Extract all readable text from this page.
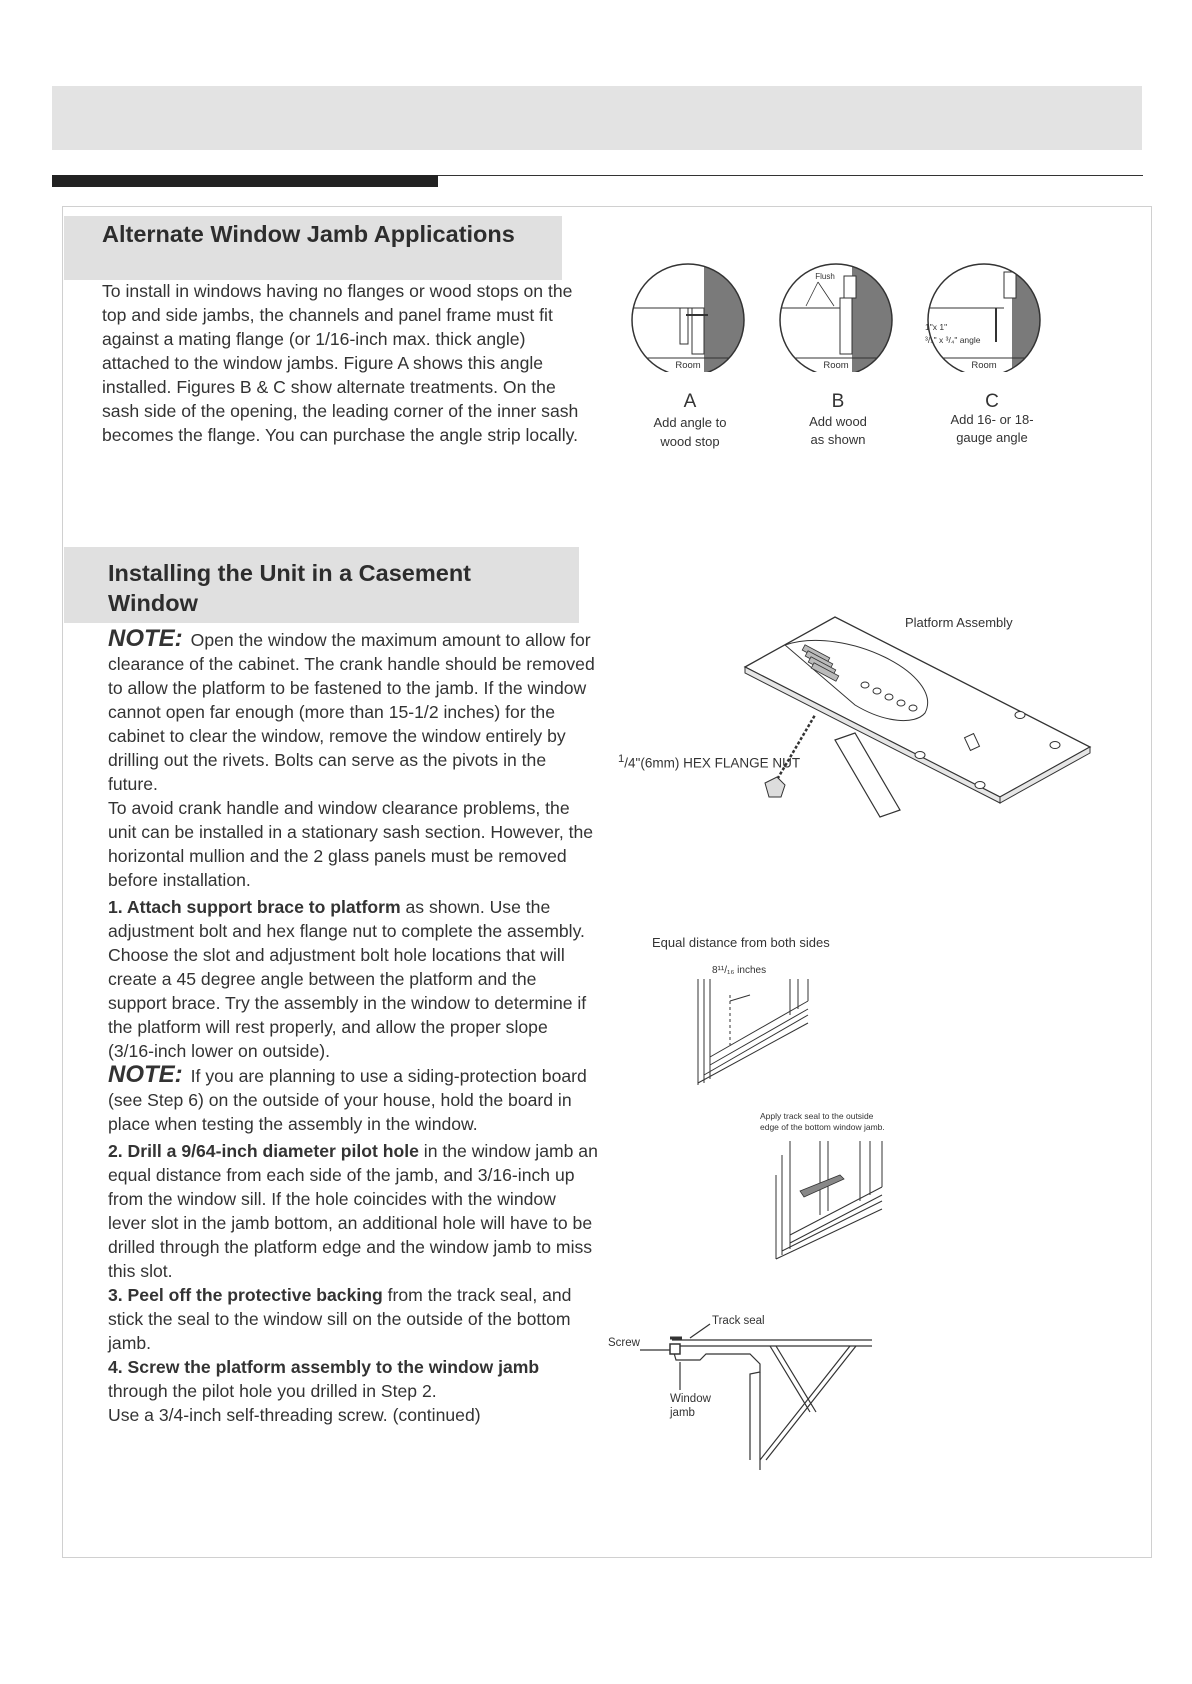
Alternate Window Jamb Applications
To install in windows having no flanges or wood stops on the top and side jambs, the channels and panel frame must fit against a mating flange (or 1/16-inch max. thick angle) attached to the window jambs. Figure A shows this angle installed. Figures B & C show alternate treatments. On the sash side of the opening, the leading corner of the inner sash becomes the flange. You can purchase the angle strip locally.
Room
Flush
Room
1"x 1"
³/₄" x ³/₄" angle
Room
A
Add angle to
wood stop
B
Add wood
as shown
C
Add 16- or 18-
gauge angle
Installing the Unit in a Casement
Window

NOTE: Open the window the maximum amount to allow for clearance of the cabinet. The crank handle should be removed to allow the platform to be fastened to the jamb. If the window cannot open far enough (more than 15-1/2 inches) for the cabinet to clear the window, remove the window entirely by drilling out the rivets. Bolts can serve as the pivots in the future.

To avoid crank handle and window clearance problems, the unit can be installed in a stationary sash section. However, the horizontal mullion and the 2 glass panels must be removed before installation.

1. Attach support brace to platform as shown. Use the adjustment bolt and hex flange nut to complete the assembly. Choose the slot and adjustment bolt hole locations that will create a 45 degree angle between the platform and the support brace. Try the assembly in the window to determine if the platform will rest properly, and allow the proper slope (3/16-inch lower on outside).

NOTE: If you are planning to use a siding-protection board (see Step 6) on the outside of your house, hold the board in place when testing the assembly in the window.

2. Drill a 9/64-inch diameter pilot hole in the window jamb an equal distance from each side of the jamb, and 3/16-inch up from the window sill. If the hole coincides with the window lever slot in the jamb bottom, an additional hole will have to be drilled through the platform edge and the window jamb to miss this slot.

3. Peel off the protective backing from the track seal, and stick the seal to the window sill on the outside of the bottom jamb.

4. Screw the platform assembly to the window jamb through the pilot hole you drilled in Step 2.

Use a 3/4-inch self-threading screw. (continued)

Platform Assembly
$^1$/4"(6mm) HEX FLANGE NUT
Equal distance from both sides
8¹¹/₁₆ inches
Apply track seal to the outside
edge of the bottom window jamb.
Track seal
Screw
Window
jamb
